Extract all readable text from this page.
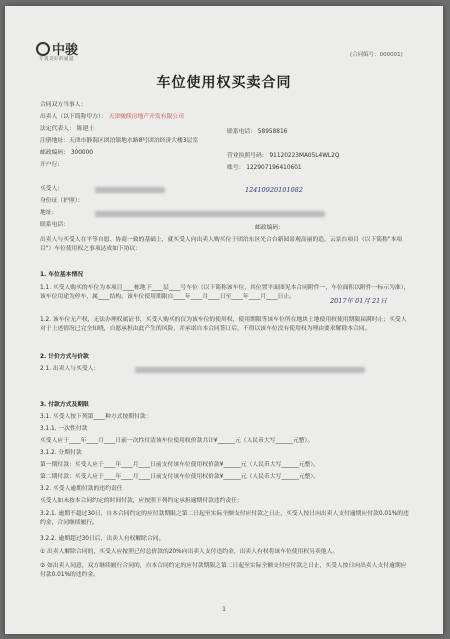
中骏
专筑美好的通道
(合同编号：000001)
车位使用权买卖合同
合同双方当事人：
出卖人（以下简称甲方）： 天津骏续房地产开发有限公司
法定代表人： 陈建土	联系电话： 58958816
注册地址：天津市静海区团泊镇地水路8号团泊经济大楼3层室
邮政编码： 300000	营业执照号码： 91120223MA05L4WL2Q
开户行：	账号： 122907196410601
买受人：
身份证（护照）：
地址：
联系电话：	邮政编码：
12410920101082
出卖人与买受人在平等自愿、协商一致的基础上，就买受人向出卖人购买位于团泊东区光合台新园景观高丽的造，云景台项目（以下简称"本项目"）车位使用权之事项达成如下协议：
1. 车位基本情况
1.1. 买受人购买的车位为本项目____栋地下____层____号车位（以下简称该车位，其位置平面图见本合同附件一，车位面积以附件一标示为准），该车位用途为停车，属____结构。该车位使用期限自____年____月____日至____年____月____日止。	2017年 01月 21日
1.2. 该车位无产权，无法办理权属证书，买受人购买的仅为该车位的使用权，使用期限等该车位所在地块土地使用权使用期限届满时止；买受人对于上述情况已完全知晓，自愿承担由此产生的风险，并承诺自本合同签订后，不得以该车位没有使用权为理由要求解除本合同。
2. 计价方式与价款
2.1. 出卖人与买受人：
3. 付款方式及期限
3.1. 买受人按下列第____种方式按期付款：
3.1.1. 一次性付款
买受人应于____年____月____日前一次性付清该车位使用权价款共计¥______元（人民币大写______元整）。
3.1.2. 分期付款
第一期付款：买受人应于____年____月____日前支付该车位使用权价款¥______元（人民币大写______元整）。
第二期付款：买受人应于____年____月____日前支付该车位使用权价款¥______元（人民币大写______元整）。
3.2. 买受人逾期付款的违约责任
买受人如未按本合同约定的时间付款，应按照下列约定承担逾期付款违约责任：
3.2.1. 逾期不超过30日，自本合同约定的应付款期限之第二日起至实际全额支付应付款之日止，买受人按日向出卖人支付逾期应付款0.01%的违约金，合同继续履行。
3.2.2. 逾期超过30日后，出卖人有权解除合同。
① 出卖人解除合同的，买受人应按照已付总价款的20%向出卖人支付违约金，出卖人有权将该车位使用权另卖他人。
② 如出卖人同意，双方继续履行合同的，自本合同约定的应付款期限之第二日起至实际全额支付应付款之日止，买受人按日向出卖人支付逾期应付款0.01%的违约金。
1
